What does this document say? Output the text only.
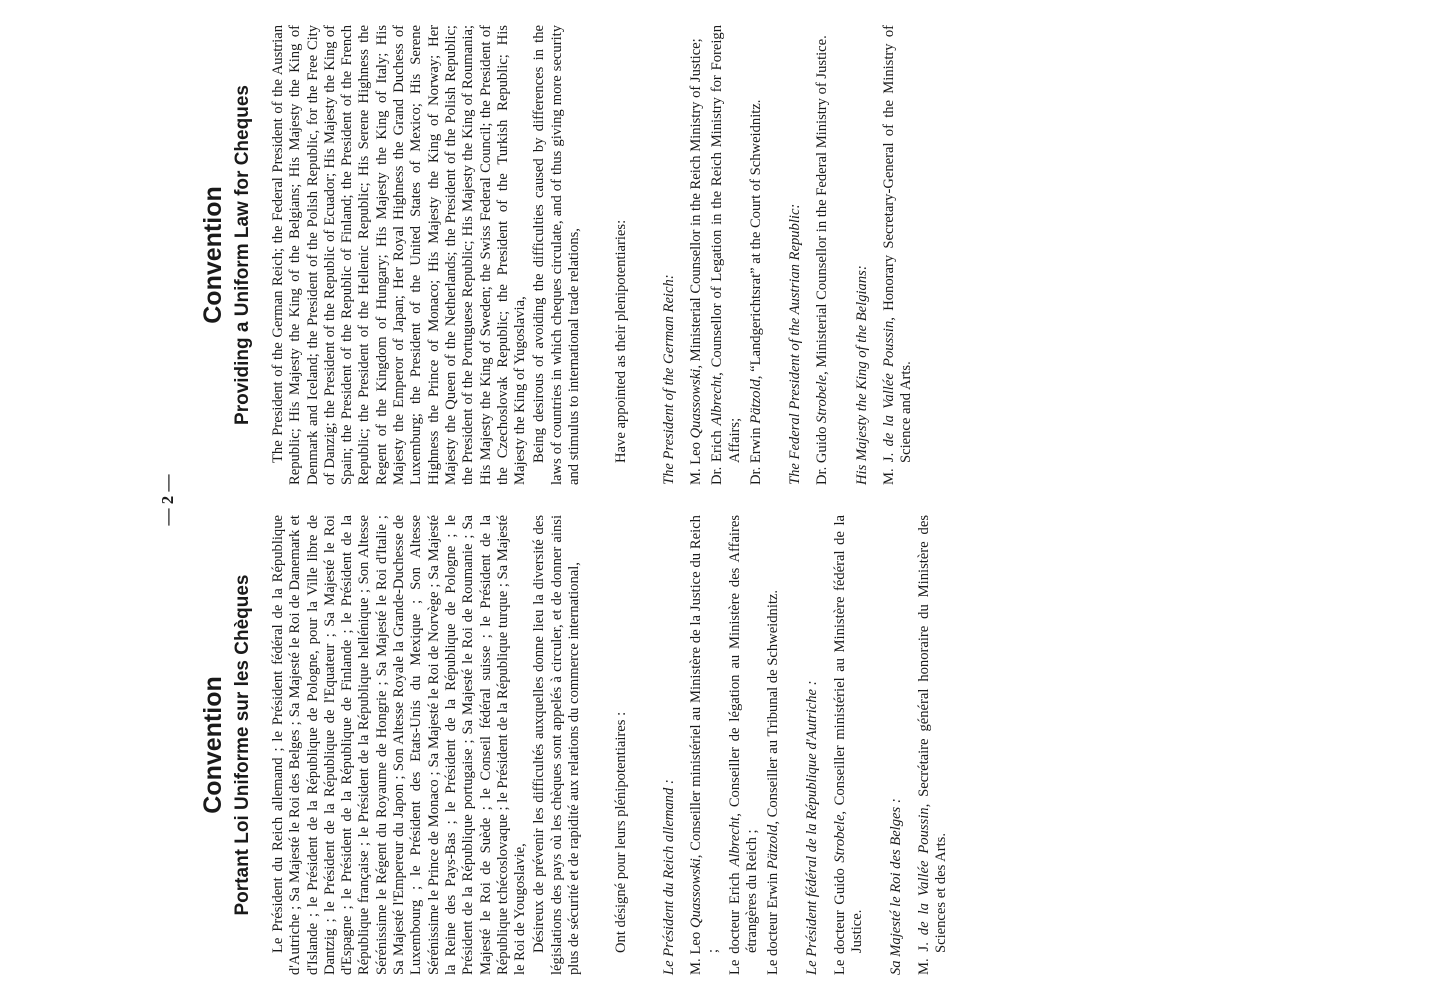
— 2 —
Convention Portant Loi Uniforme sur les Chèques Le Président du Reich allemand ; le Président fédéral de la République d'Autriche ; Sa Majesté le Roi des Belges ; Sa Majesté le Roi de Danemark et d'Islande ; le Président de la République de Pologne, pour la Ville libre de Dantzig ; le Président de la République de l'Equateur ; Sa Majesté le Roi d'Espagne ; le Président de la République de Finlande ; le Président de la République française ; le Président de la République hellénique ; Son Altesse Sérénissime le Régent du Royaume de Hongrie ; Sa Majesté le Roi d'Italie ; Sa Majesté l'Empereur du Japon ; Son Altesse Royale la Grande-Duchesse de Luxembourg ; le Président des Etats-Unis du Mexique ; Son Altesse Sérénissime le Prince de Monaco ; Sa Majesté le Roi de Norvège ; Sa Majesté la Reine des Pays-Bas ; le Président de la République de Pologne ; le Président de la République portugaise ; Sa Majesté le Roi de Roumanie ; Sa Majesté le Roi de Suède ; le Conseil fédéral suisse ; le Président de la République tchécoslovaque ; le Président de la République turque ; Sa Majesté le Roi de Yougoslavie, Désireux de prévenir les difficultés auxquelles donne lieu la diversité des législations des pays où les chèques sont appelés à circuler, et de donner ainsi plus de sécurité et de rapidité aux relations du commerce international, Ont désigné pour leurs plénipotentiaires : Le Président du Reich allemand : M. Leo Quassowski, Conseiller ministériel au Ministère de la Justice du Reich ; Le docteur Erich Albrecht, Conseiller de légation au Ministère des Affaires étrangères du Reich ; Le docteur Erwin Pätzold, Conseiller au Tribunal de Schweidnitz. Le Président fédéral de la République d'Autriche : Le docteur Guido Strobele, Conseiller ministériel au Ministère fédéral de la Justice. Sa Majesté le Roi des Belges : M. J. de la Vallée Poussin, Secrétaire général honoraire du Ministère des Sciences et des Arts.

Convention Providing a Uniform Law for Cheques The President of the German Reich; the Federal President of the Austrian Republic; His Majesty the King of the Belgians; His Majesty the King of Denmark and Iceland; the President of the Polish Republic, for the Free City of Danzig; the President of the Republic of Ecuador; His Majesty the King of Spain; the President of the Republic of Finland; the President of the French Republic; the President of the Hellenic Republic; His Serene Highness the Regent of the Kingdom of Hungary; His Majesty the King of Italy; His Majesty the Emperor of Japan; Her Royal Highness the Grand Duchess of Luxemburg; the President of the United States of Mexico; His Serene Highness the Prince of Monaco; His Majesty the King of Norway; Her Majesty the Queen of the Netherlands; the President of the Polish Republic; the President of the Portuguese Republic; His Majesty the King of Roumania; His Majesty the King of Sweden; the Swiss Federal Council; the President of the Czechoslovak Republic; the President of the Turkish Republic; His Majesty the King of Yugoslavia, Being desirous of avoiding the difficulties caused by differences in the laws of countries in which cheques circulate, and of thus giving more security and stimulus to international trade relations, Have appointed as their plenipotentiaries: The President of the German Reich: M. Leo Quassowski, Ministerial Counsellor in the Reich Ministry of Justice;

Dr. Erich Albrecht, Counsellor of Legation in the Reich Ministry for Foreign Affairs; Dr. Erwin Pätzold, “Landgerichtsrat” at the Court of Schweidnitz. The Federal President of the Austrian Republic: Dr. Guido Strobele, Ministerial Counsellor in the Federal Ministry of Justice.

His Majesty the King of the Belgians: M. J. de la Vallée Poussin, Honorary Secretary-General of the Ministry of Science and Arts.
